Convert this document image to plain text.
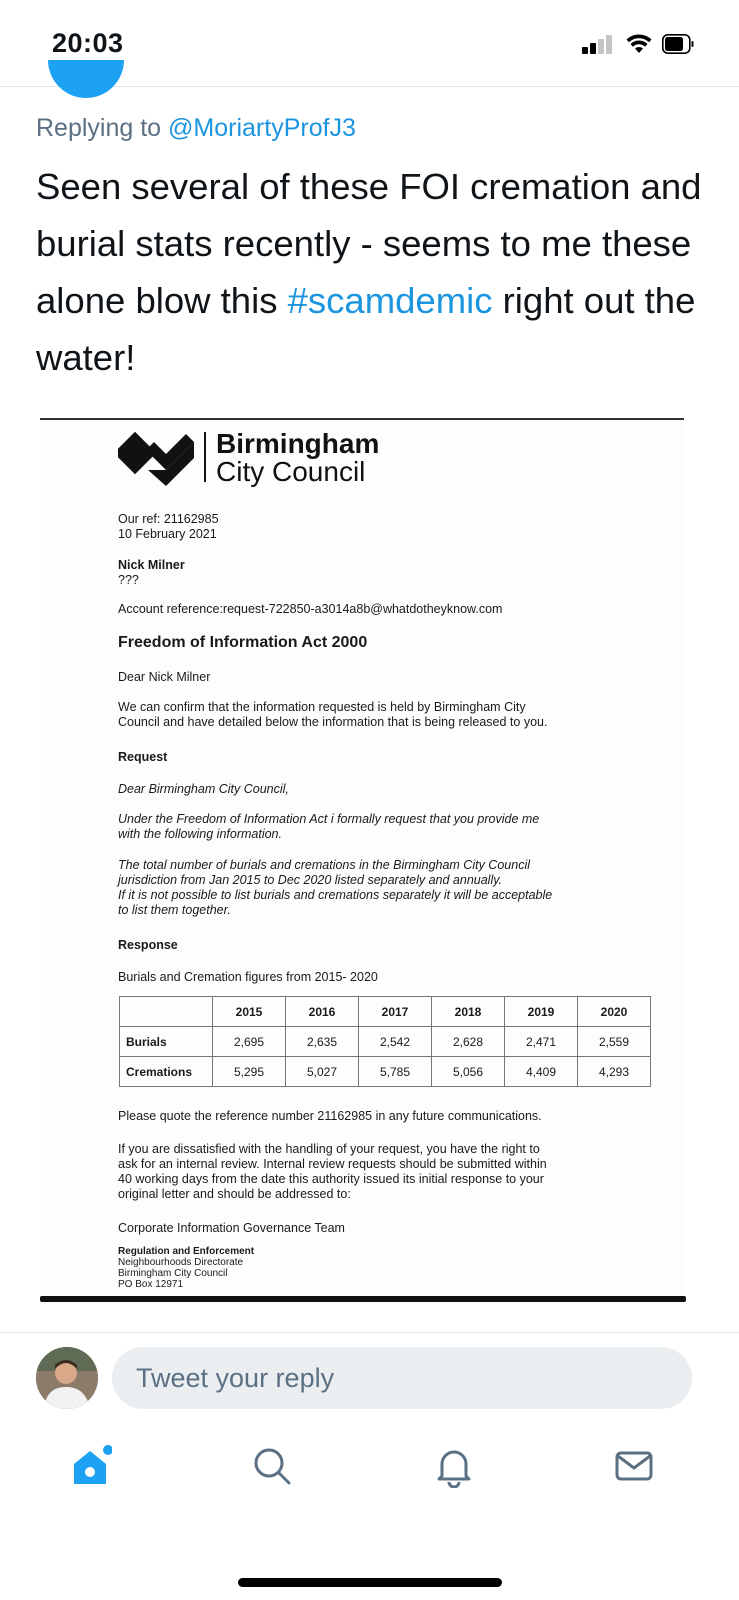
20:03
Replying to @MoriartyProfJ3
Seen several of these FOI cremation and burial stats recently - seems to me these alone blow this #scamdemic right out the water!
Birmingham
City Council
Our ref: 21162985
10 February 2021
Nick Milner
???
Account reference:request-722850-a3014a8b@whatdotheyknow.com
Freedom of Information Act 2000
Dear Nick Milner
We can confirm that the information requested is held by Birmingham City
Council and have detailed below the information that is being released to you.
Request
Dear Birmingham City Council,
Under the Freedom of Information Act i formally request that you provide me
with the following information.
The total number of burials and cremations in the Birmingham City Council
jurisdiction from Jan 2015 to Dec 2020 listed separately and annually.
If it is not possible to list burials and cremations separately it will be acceptable
to list them together.
Response
Burials and Cremation figures from 2015- 2020
	2015	2016	2017	2018	2019	2020
Burials	2,695	2,635	2,542	2,628	2,471	2,559
Cremations	5,295	5,027	5,785	5,056	4,409	4,293
Please quote the reference number 21162985 in any future communications.
If you are dissatisfied with the handling of your request, you have the right to
ask for an internal review. Internal review requests should be submitted within
40 working days from the date this authority issued its initial response to your
original letter and should be addressed to:
Corporate Information Governance Team
Regulation and Enforcement
Neighbourhoods Directorate
Birmingham City Council
PO Box 12971
Tweet your reply
